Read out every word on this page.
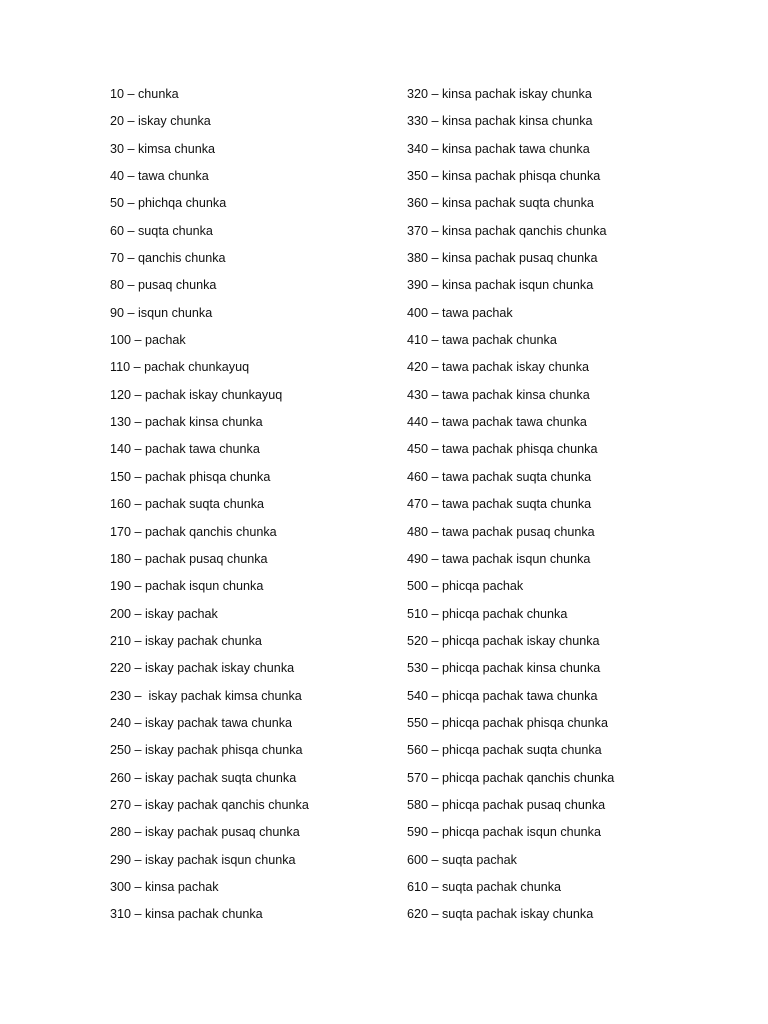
10 – chunka
20 – iskay chunka
30 – kimsa chunka
40 – tawa chunka
50 – phichqa chunka
60 – suqta chunka
70 – qanchis chunka
80 – pusaq chunka
90 – isqun chunka
100 – pachak
110 – pachak chunkayuq
120 – pachak iskay chunkayuq
130 – pachak kinsa chunka
140 – pachak tawa chunka
150 – pachak phisqa chunka
160 – pachak suqta chunka
170 – pachak qanchis chunka
180 – pachak pusaq chunka
190 – pachak isqun chunka
200 – iskay pachak
210 – iskay pachak chunka
220 – iskay pachak iskay chunka
230 –  iskay pachak kimsa chunka
240 – iskay pachak tawa chunka
250 – iskay pachak phisqa chunka
260 – iskay pachak suqta chunka
270 – iskay pachak qanchis chunka
280 – iskay pachak pusaq chunka
290 – iskay pachak isqun chunka
300 – kinsa pachak
310 – kinsa pachak chunka
320 – kinsa pachak iskay chunka
330 – kinsa pachak kinsa chunka
340 – kinsa pachak tawa chunka
350 – kinsa pachak phisqa chunka
360 – kinsa pachak suqta chunka
370 – kinsa pachak qanchis chunka
380 – kinsa pachak pusaq chunka
390 – kinsa pachak isqun chunka
400 – tawa pachak
410 – tawa pachak chunka
420 – tawa pachak iskay chunka
430 – tawa pachak kinsa chunka
440 – tawa pachak tawa chunka
450 – tawa pachak phisqa chunka
460 – tawa pachak suqta chunka
470 – tawa pachak suqta chunka
480 – tawa pachak pusaq chunka
490 – tawa pachak isqun chunka
500 – phicqa pachak
510 – phicqa pachak chunka
520 – phicqa pachak iskay chunka
530 – phicqa pachak kinsa chunka
540 – phicqa pachak tawa chunka
550 – phicqa pachak phisqa chunka
560 – phicqa pachak suqta chunka
570 – phicqa pachak qanchis chunka
580 – phicqa pachak pusaq chunka
590 – phicqa pachak isqun chunka
600 – suqta pachak
610 – suqta pachak chunka
620 – suqta pachak iskay chunka
